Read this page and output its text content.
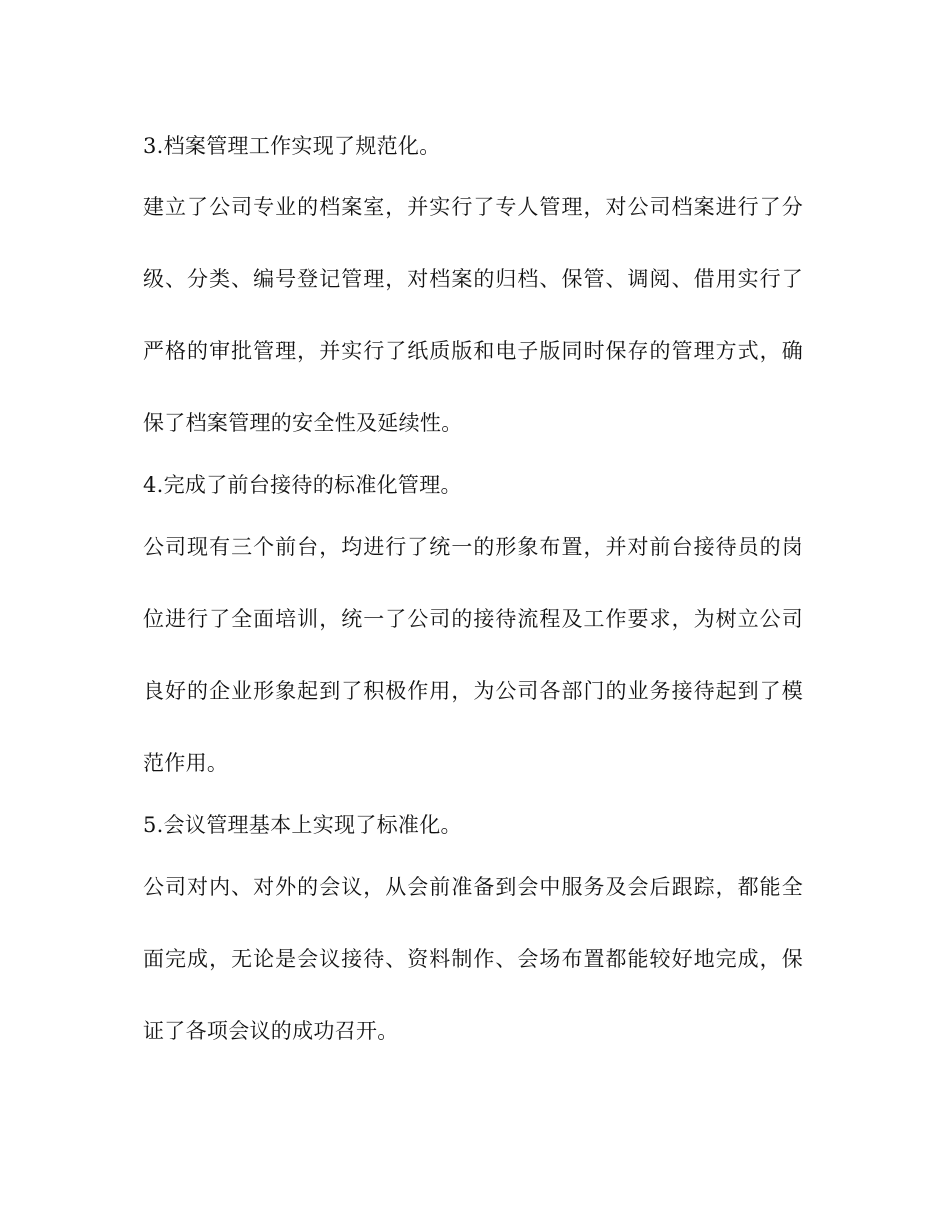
3.档案管理工作实现了规范化。
建立了公司专业的档案室，并实行了专人管理，对公司档案进行了分
级、分类、编号登记管理，对档案的归档、保管、调阅、借用实行了
严格的审批管理，并实行了纸质版和电子版同时保存的管理方式，确
保了档案管理的安全性及延续性。
4.完成了前台接待的标准化管理。
公司现有三个前台，均进行了统一的形象布置，并对前台接待员的岗
位进行了全面培训，统一了公司的接待流程及工作要求，为树立公司
良好的企业形象起到了积极作用，为公司各部门的业务接待起到了模
范作用。
5.会议管理基本上实现了标准化。
公司对内、对外的会议，从会前准备到会中服务及会后跟踪，都能全
面完成，无论是会议接待、资料制作、会场布置都能较好地完成，保
证了各项会议的成功召开。
